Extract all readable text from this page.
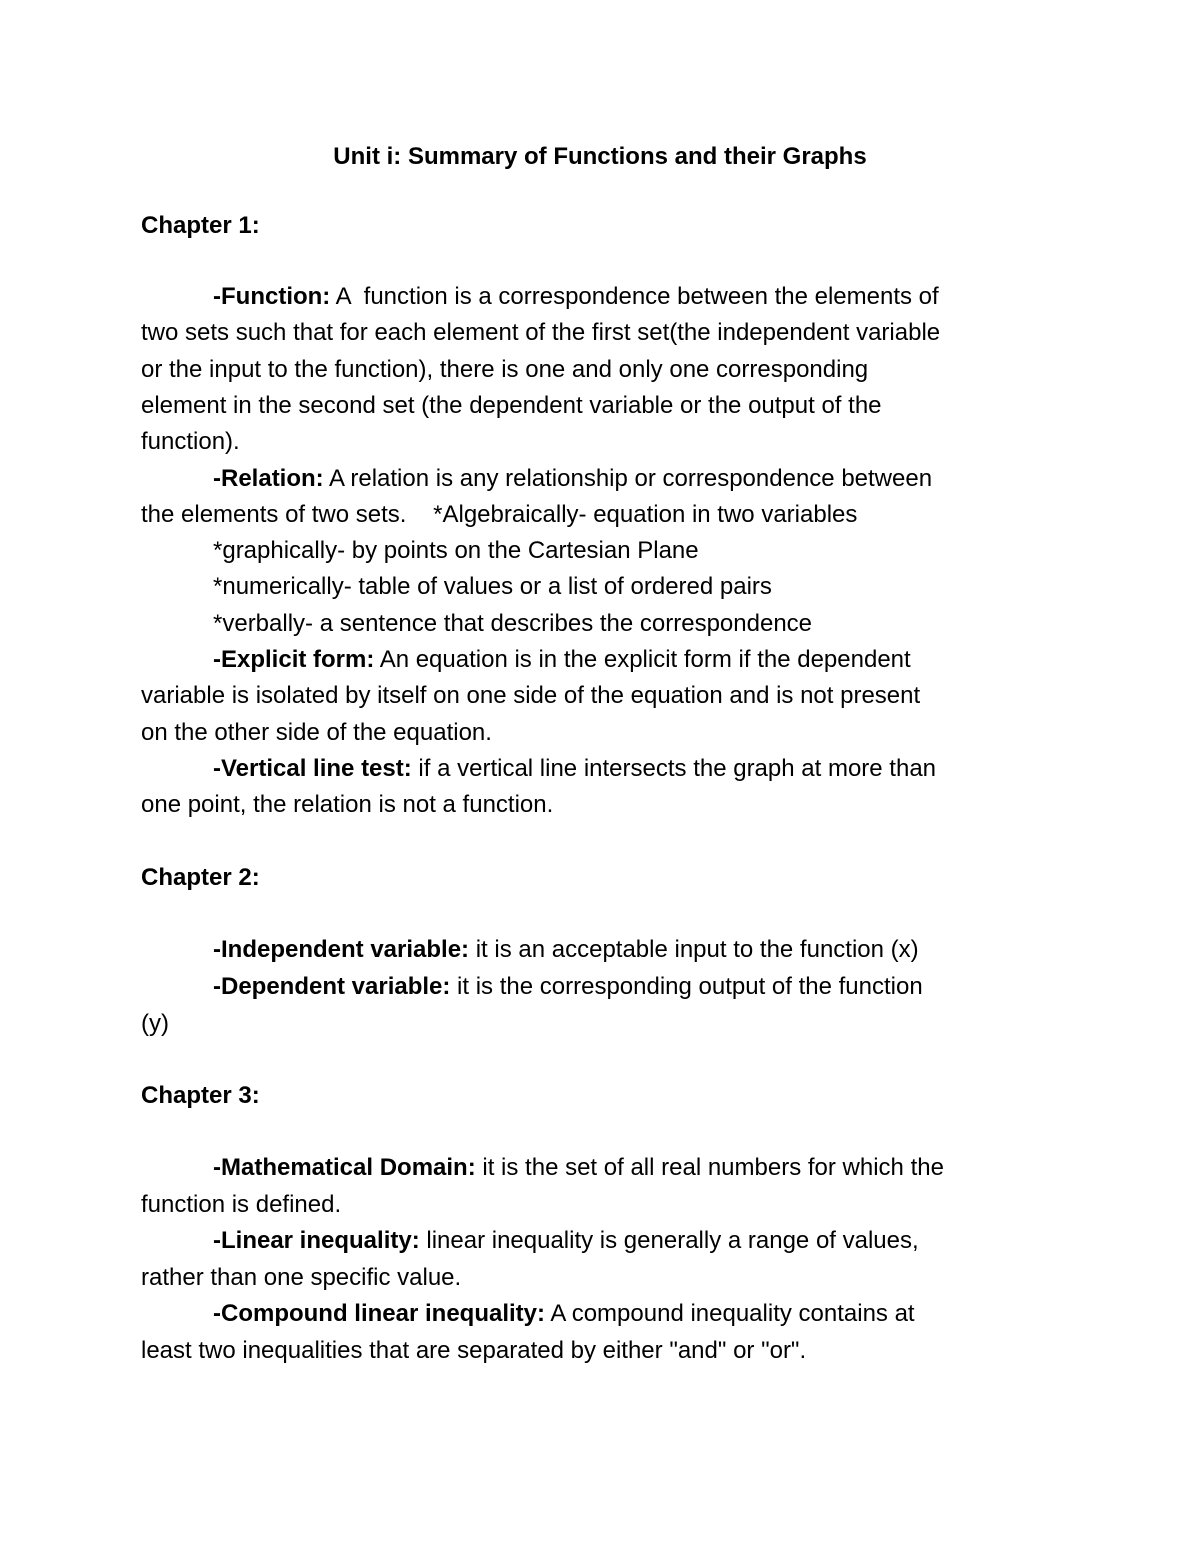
Unit i: Summary of Functions and their Graphs
Chapter 1:
-Function: A  function is a correspondence between the elements of
two sets such that for each element of the first set(the independent variable
or the input to the function), there is one and only one corresponding
element in the second set (the dependent variable or the output of the
function).
-Relation: A relation is any relationship or correspondence between
the elements of two sets.    *Algebraically- equation in two variables
*graphically- by points on the Cartesian Plane
*numerically- table of values or a list of ordered pairs
*verbally- a sentence that describes the correspondence
-Explicit form: An equation is in the explicit form if the dependent
variable is isolated by itself on one side of the equation and is not present
on the other side of the equation.
-Vertical line test: if a vertical line intersects the graph at more than
one point, the relation is not a function.
Chapter 2:
-Independent variable: it is an acceptable input to the function (x)
-Dependent variable: it is the corresponding output of the function
(y)
Chapter 3:
-Mathematical Domain: it is the set of all real numbers for which the
function is defined.
-Linear inequality: linear inequality is generally a range of values,
rather than one specific value.
-Compound linear inequality: A compound inequality contains at
least two inequalities that are separated by either "and" or "or".
